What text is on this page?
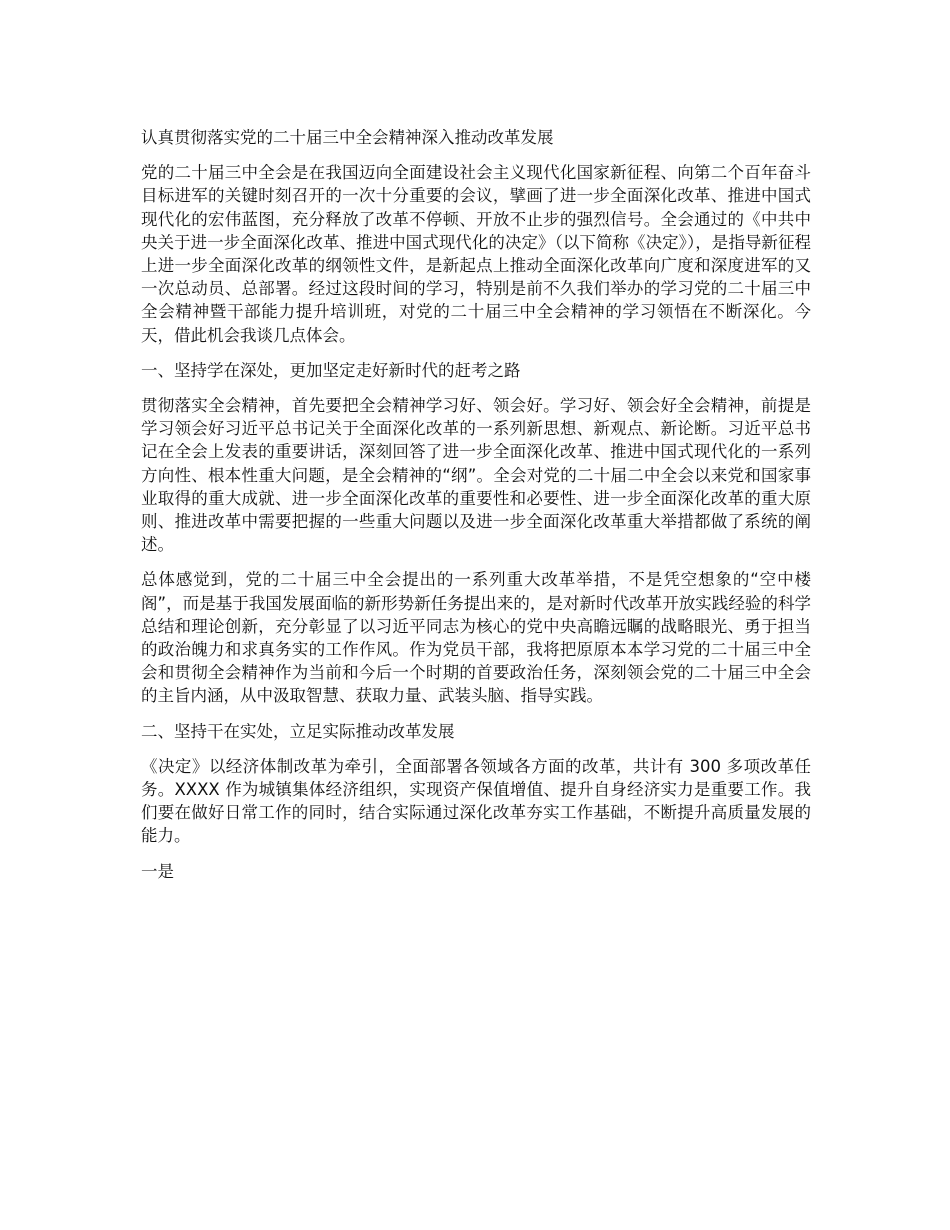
认真贯彻落实党的二十届三中全会精神深入推动改革发展

党的二十届三中全会是在我国迈向全面建设社会主义现代化国家新征程、向第二个百年奋斗目标进军的关键时刻召开的一次十分重要的会议，擘画了进一步全面深化改革、推进中国式现代化的宏伟蓝图，充分释放了改革不停顿、开放不止步的强烈信号。全会通过的《中共中央关于进一步全面深化改革、推进中国式现代化的决定》（以下简称《决定》），是指导新征程上进一步全面深化改革的纲领性文件，是新起点上推动全面深化改革向广度和深度进军的又一次总动员、总部署。经过这段时间的学习，特别是前不久我们举办的学习党的二十届三中全会精神暨干部能力提升培训班，对党的二十届三中全会精神的学习领悟在不断深化。今天，借此机会我谈几点体会。

一、坚持学在深处，更加坚定走好新时代的赶考之路

贯彻落实全会精神，首先要把全会精神学习好、领会好。学习好、领会好全会精神，前提是学习领会好习近平总书记关于全面深化改革的一系列新思想、新观点、新论断。习近平总书记在全会上发表的重要讲话，深刻回答了进一步全面深化改革、推进中国式现代化的一系列方向性、根本性重大问题，是全会精神的“纲”。全会对党的二十届二中全会以来党和国家事业取得的重大成就、进一步全面深化改革的重要性和必要性、进一步全面深化改革的重大原则、推进改革中需要把握的一些重大问题以及进一步全面深化改革重大举措都做了系统的阐述。

总体感觉到，党的二十届三中全会提出的一系列重大改革举措，不是凭空想象的“空中楼阁”，而是基于我国发展面临的新形势新任务提出来的，是对新时代改革开放实践经验的科学总结和理论创新，充分彰显了以习近平同志为核心的党中央高瞻远瞩的战略眼光、勇于担当的政治魄力和求真务实的工作作风。作为党员干部，我将把原原本本学习党的二十届三中全会和贯彻全会精神作为当前和今后一个时期的首要政治任务，深刻领会党的二十届三中全会的主旨内涵，从中汲取智慧、获取力量、武装头脑、指导实践。

二、坚持干在实处，立足实际推动改革发展

《决定》以经济体制改革为牵引，全面部署各领域各方面的改革，共计有 300 多项改革任务。XXXX 作为城镇集体经济组织，实现资产保值增值、提升自身经济实力是重要工作。我们要在做好日常工作的同时，结合实际通过深化改革夯实工作基础，不断提升高质量发展的能力。

一是
